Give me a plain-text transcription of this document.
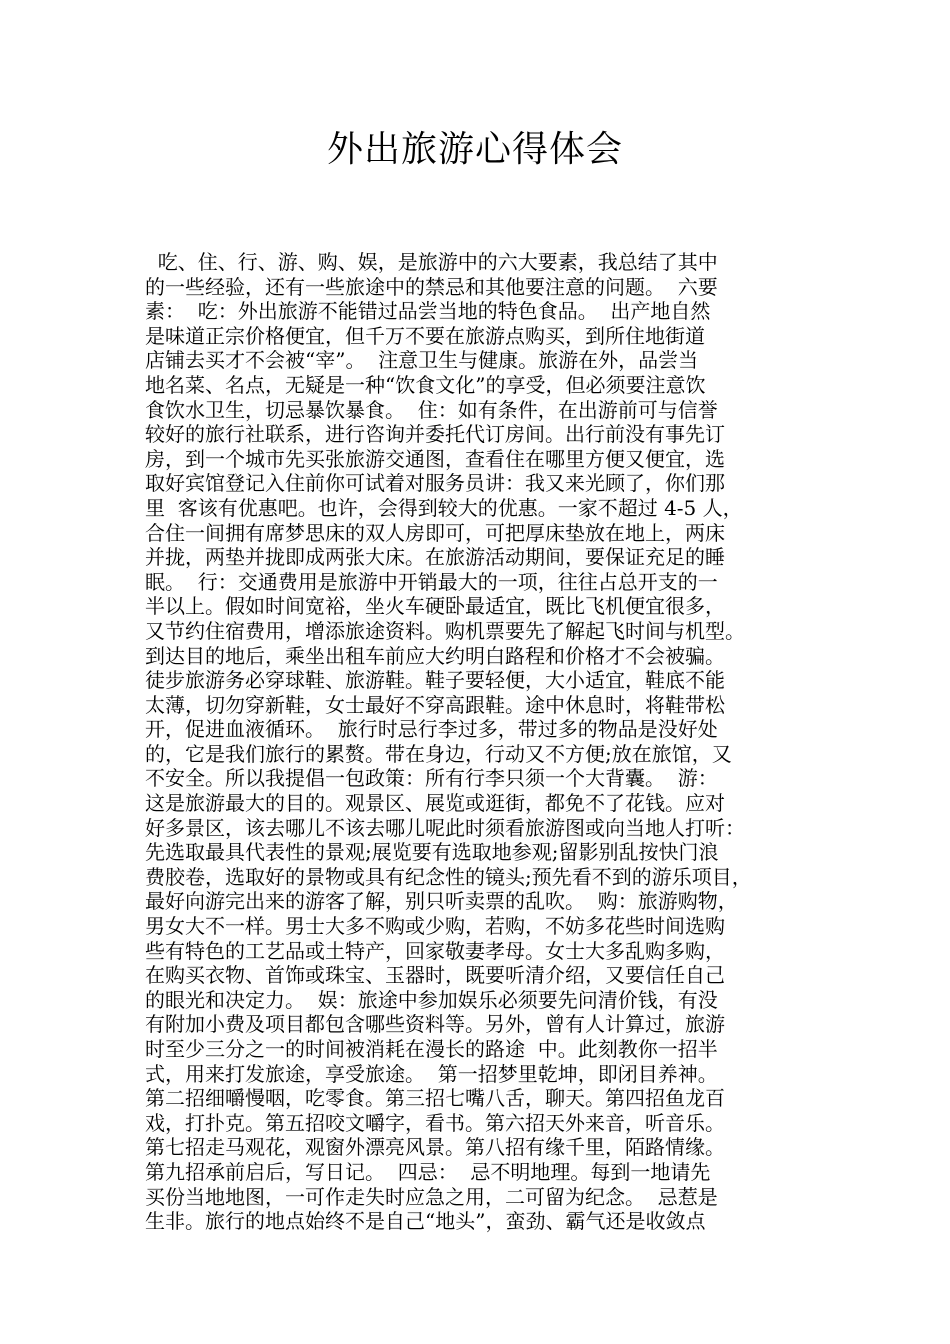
外出旅游心得体会
吃、住、行、游、购、娱，是旅游中的六大要素，我总结了其中
的一些经验，还有一些旅途中的禁忌和其他要注意的问题。  六要
素：  吃：外出旅游不能错过品尝当地的特色食品。  出产地自然
是味道正宗价格便宜，但千万不要在旅游点购买，到所住地街道
店铺去买才不会被“宰”。  注意卫生与健康。旅游在外，品尝当
地名菜、名点，无疑是一种“饮食文化”的享受，但必须要注意饮
食饮水卫生，切忌暴饮暴食。  住：如有条件，在出游前可与信誉
较好的旅行社联系，进行咨询并委托代订房间。出行前没有事先订
房，到一个城市先买张旅游交通图，查看住在哪里方便又便宜，选
取好宾馆登记入住前你可试着对服务员讲：我又来光顾了，你们那
里  客该有优惠吧。也许，会得到较大的优惠。一家不超过 4-5 人，
合住一间拥有席梦思床的双人房即可，可把厚床垫放在地上，两床
并拢，两垫并拢即成两张大床。在旅游活动期间，要保证充足的睡
眠。  行：交通费用是旅游中开销最大的一项，往往占总开支的一
半以上。假如时间宽裕，坐火车硬卧最适宜，既比飞机便宜很多，
又节约住宿费用，增添旅途资料。购机票要先了解起飞时间与机型。
到达目的地后，乘坐出租车前应大约明白路程和价格才不会被骗。
徒步旅游务必穿球鞋、旅游鞋。鞋子要轻便，大小适宜，鞋底不能
太薄，切勿穿新鞋，女士最好不穿高跟鞋。途中休息时，将鞋带松
开，促进血液循环。  旅行时忌行李过多，带过多的物品是没好处
的，它是我们旅行的累赘。带在身边，行动又不方便;放在旅馆，又
不安全。所以我提倡一包政策：所有行李只须一个大背囊。  游：
这是旅游最大的目的。观景区、展览或逛街，都免不了花钱。应对
好多景区，该去哪儿不该去哪儿呢此时须看旅游图或向当地人打听：
先选取最具代表性的景观;展览要有选取地参观;留影别乱按快门浪
费胶卷，选取好的景物或具有纪念性的镜头;预先看不到的游乐项目，
最好向游完出来的游客了解，别只听卖票的乱吹。  购：旅游购物，
男女大不一样。男士大多不购或少购，若购，不妨多花些时间选购
些有特色的工艺品或土特产，回家敬妻孝母。女士大多乱购多购，
在购买衣物、首饰或珠宝、玉器时，既要听清介绍，又要信任自己
的眼光和决定力。  娱：旅途中参加娱乐必须要先问清价钱，有没
有附加小费及项目都包含哪些资料等。另外，曾有人计算过，旅游
时至少三分之一的时间被消耗在漫长的路途  中。此刻教你一招半
式，用来打发旅途，享受旅途。  第一招梦里乾坤，即闭目养神。
第二招细嚼慢咽，吃零食。第三招七嘴八舌，聊天。第四招鱼龙百
戏，打扑克。第五招咬文嚼字，看书。第六招天外来音，听音乐。
第七招走马观花，观窗外漂亮风景。第八招有缘千里，陌路情缘。
第九招承前启后，写日记。  四忌：  忌不明地理。每到一地请先
买份当地地图，一可作走失时应急之用，二可留为纪念。  忌惹是
生非。旅行的地点始终不是自己“地头”，蛮劲、霸气还是收敛点
